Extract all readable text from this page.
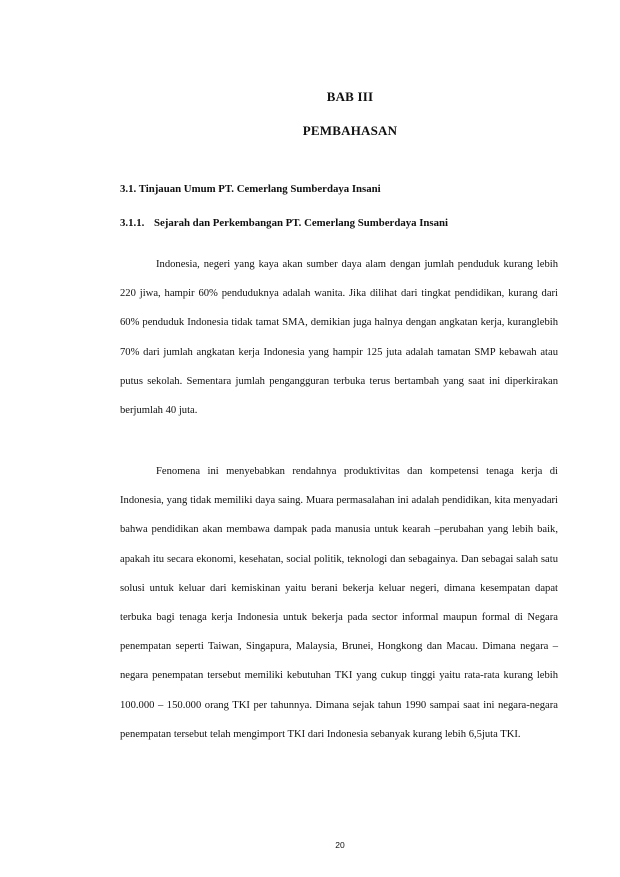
BAB III
PEMBAHASAN
3.1. Tinjauan Umum PT. Cemerlang Sumberdaya Insani
3.1.1. Sejarah dan Perkembangan PT. Cemerlang Sumberdaya Insani

Indonesia, negeri yang kaya akan sumber daya alam dengan jumlah penduduk kurang lebih 220 jiwa, hampir 60% penduduknya adalah wanita. Jika dilihat dari tingkat pendidikan, kurang dari 60% penduduk Indonesia tidak tamat SMA, demikian juga halnya dengan angkatan kerja, kuranglebih 70% dari jumlah angkatan kerja Indonesia yang hampir 125 juta adalah tamatan SMP kebawah atau putus sekolah. Sementara jumlah pengangguran terbuka terus bertambah yang saat ini diperkirakan berjumlah 40 juta.

Fenomena ini menyebabkan rendahnya produktivitas dan kompetensi tenaga kerja di Indonesia, yang tidak memiliki daya saing. Muara permasalahan ini adalah pendidikan, kita menyadari bahwa pendidikan akan membawa dampak pada manusia untuk kearah –perubahan yang lebih baik, apakah itu secara ekonomi, kesehatan, social politik, teknologi dan sebagainya. Dan sebagai salah satu solusi untuk keluar dari kemiskinan yaitu berani bekerja keluar negeri, dimana kesempatan dapat terbuka bagi tenaga kerja Indonesia untuk bekerja pada sector informal maupun formal di Negara penempatan seperti Taiwan, Singapura, Malaysia, Brunei, Hongkong dan Macau. Dimana negara – negara penempatan tersebut memiliki kebutuhan TKI yang cukup tinggi yaitu rata-rata kurang lebih 100.000 – 150.000 orang TKI per tahunnya. Dimana sejak tahun 1990 sampai saat ini negara-negara penempatan tersebut telah mengimport TKI dari Indonesia sebanyak kurang lebih 6,5juta TKI.

20
